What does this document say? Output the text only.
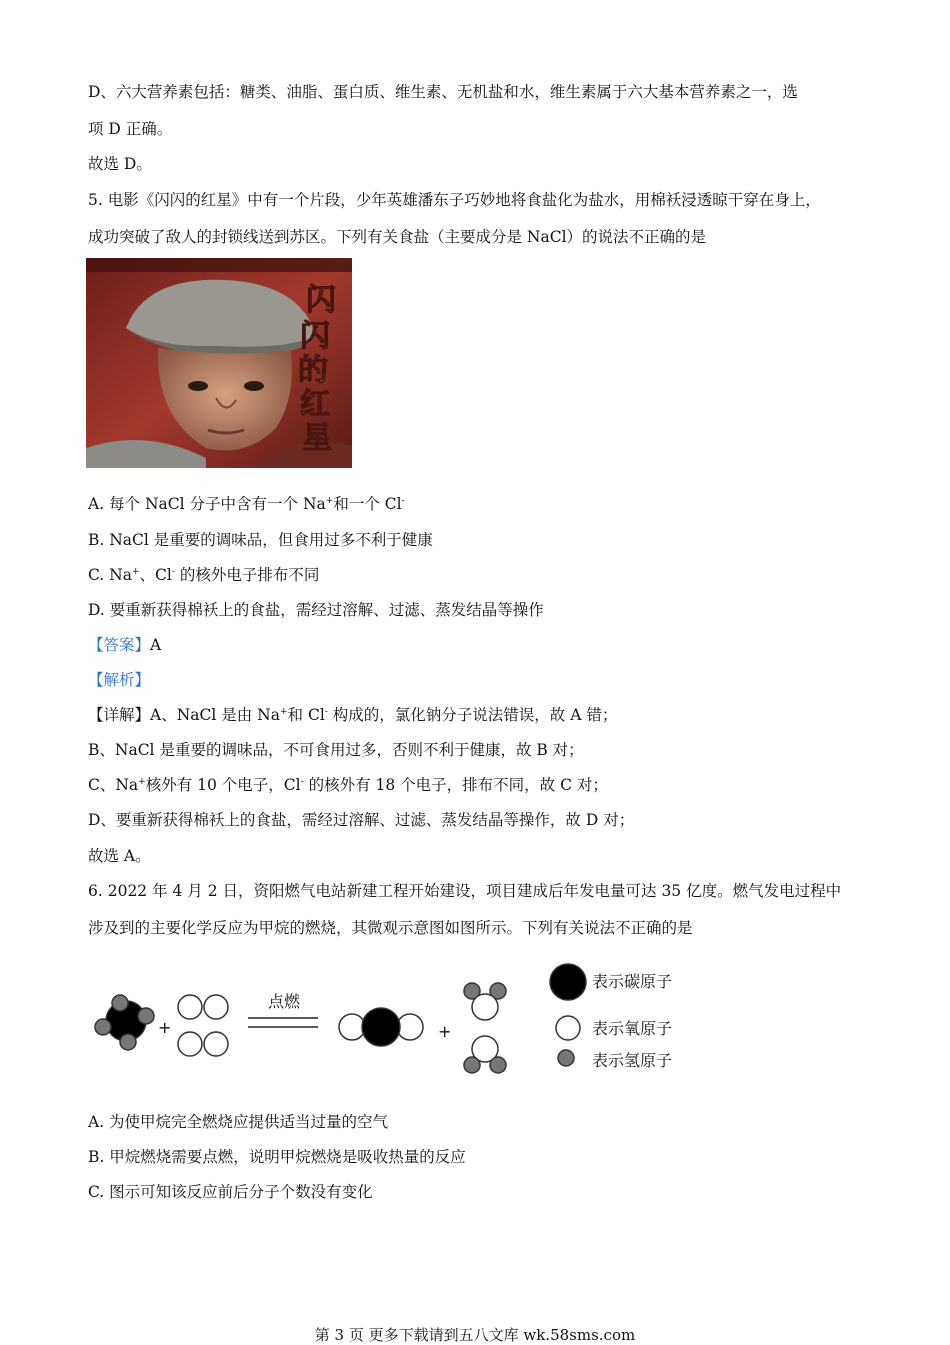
D、六大营养素包括：糖类、油脂、蛋白质、维生素、无机盐和水，维生素属于六大基本营养素之一，选
项 D 正确。
故选 D。
5. 电影《闪闪的红星》中有一个片段，少年英雄潘东子巧妙地将食盐化为盐水，用棉袄浸透晾干穿在身上，
成功突破了敌人的封锁线送到苏区。下列有关食盐（主要成分是 NaCl）的说法不正确的是
闪
闪
的
红
星
A. 每个 NaCl 分子中含有一个 Na+和一个 Cl-
B. NaCl 是重要的调味品，但食用过多不利于健康
C. Na+、Cl- 的核外电子排布不同
D. 要重新获得棉袄上的食盐，需经过溶解、过滤、蒸发结晶等操作
【答案】A
【解析】
【详解】A、NaCl 是由 Na+和 Cl- 构成的，氯化钠分子说法错误，故 A 错；
B、NaCl 是重要的调味品，不可食用过多，否则不利于健康，故 B 对；
C、Na+核外有 10 个电子，Cl- 的核外有 18 个电子，排布不同，故 C 对；
D、要重新获得棉袄上的食盐，需经过溶解、过滤、蒸发结晶等操作，故 D 对；
故选 A。
6. 2022 年 4 月 2 日，资阳燃气电站新建工程开始建设，项目建成后年发电量可达 35 亿度。燃气发电过程中
涉及到的主要化学反应为甲烷的燃烧，其微观示意图如图所示。下列有关说法不正确的是
+	+
点燃
表示碳原子
表示氧原子
表示氢原子
A. 为使甲烷完全燃烧应提供适当过量的空气
B. 甲烷燃烧需要点燃，说明甲烷燃烧是吸收热量的反应
C. 图示可知该反应前后分子个数没有变化
第 3 页 更多下载请到五八文库 wk.58sms.com
